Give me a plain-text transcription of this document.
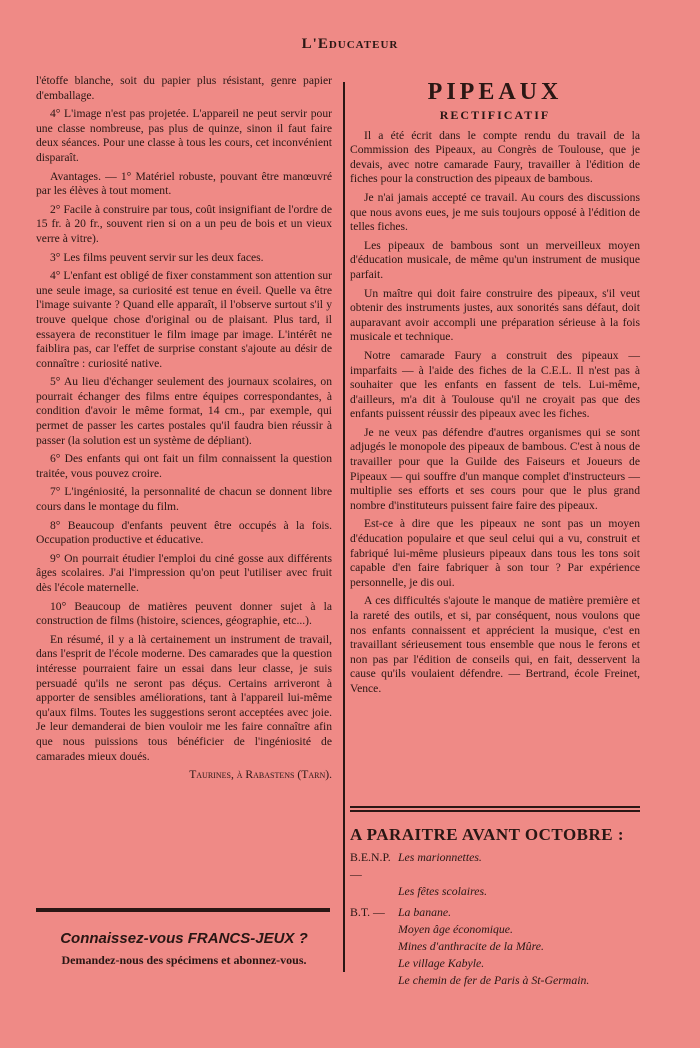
L'Educateur

l'étoffe blanche, soit du papier plus résistant, genre papier d'emballage.

4° L'image n'est pas projetée. L'appareil ne peut servir pour une classe nombreuse, pas plus de quinze, sinon il faut faire deux séances. Pour une classe à tous les cours, cet inconvénient disparaît.

Avantages. — 1° Matériel robuste, pouvant être manœuvré par les élèves à tout moment.

2° Facile à construire par tous, coût insignifiant de l'ordre de 15 fr. à 20 fr., souvent rien si on a un peu de bois et un vieux verre à vitre).

3° Les films peuvent servir sur les deux faces.

4° L'enfant est obligé de fixer constamment son attention sur une seule image, sa curiosité est tenue en éveil. Quelle va être l'image suivante ? Quand elle apparaît, il l'observe surtout s'il y trouve quelque chose d'original ou de plaisant. Plus tard, il essayera de reconstituer le film image par image. L'intérêt ne faiblira pas, car l'effet de surprise constant s'ajoute au désir de connaître : curiosité native.

5° Au lieu d'échanger seulement des journaux scolaires, on pourrait échanger des films entre équipes correspondantes, à condition d'avoir le même format, 14 cm., par exemple, qui permet de passer les cartes postales qu'il faudra bien réussir à passer (la solution est un système de dépliant).

6° Des enfants qui ont fait un film connaissent la question traitée, vous pouvez croire.

7° L'ingéniosité, la personnalité de chacun se donnent libre cours dans le montage du film.

8° Beaucoup d'enfants peuvent être occupés à la fois. Occupation productive et éducative.

9° On pourrait étudier l'emploi du ciné gosse aux différents âges scolaires. J'ai l'impression qu'on peut l'utiliser avec fruit dès l'école maternelle.

10° Beaucoup de matières peuvent donner sujet à la construction de films (histoire, sciences, géographie, etc...).

En résumé, il y a là certainement un instrument de travail, dans l'esprit de l'école moderne. Des camarades que la question intéresse pourraient faire un essai dans leur classe, je suis persuadé qu'ils ne seront pas déçus. Certains arriveront à apporter de sensibles améliorations, tant à l'appareil lui-même qu'aux films. Toutes les suggestions seront acceptées avec joie. Je leur demanderai de bien vouloir me les faire connaître afin que nous puissions tous bénéficier de l'ingéniosité de camarades mieux doués.

Taurines, à Rabastens (Tarn).
Connaissez-vous FRANCS-JEUX ?
Demandez-nous des spécimens et abonnez-vous.
PIPEAUX
RECTIFICATIF

Il a été écrit dans le compte rendu du travail de la Commission des Pipeaux, au Congrès de Toulouse, que je devais, avec notre camarade Faury, travailler à l'édition de fiches pour la construction des pipeaux de bambous.

Je n'ai jamais accepté ce travail. Au cours des discussions que nous avons eues, je me suis toujours opposé à l'édition de telles fiches.

Les pipeaux de bambous sont un merveilleux moyen d'éducation musicale, de même qu'un instrument de musique parfait.

Un maître qui doit faire construire des pipeaux, s'il veut obtenir des instruments justes, aux sonorités sans défaut, doit auparavant avoir accompli une préparation sérieuse à la fois musicale et technique.

Notre camarade Faury a construit des pipeaux — imparfaits — à l'aide des fiches de la C.E.L. Il n'est pas à souhaiter que les enfants en fassent de tels. Lui-même, d'ailleurs, m'a dit à Toulouse qu'il ne croyait pas que des enfants puissent réussir des pipeaux avec les fiches.

Je ne veux pas défendre d'autres organismes qui se sont adjugés le monopole des pipeaux de bambous. C'est à nous de travailler pour que la Guilde des Faiseurs et Joueurs de Pipeaux — qui souffre d'un manque complet d'instructeurs — multiplie ses efforts et ses cours pour que le plus grand nombre d'instituteurs puissent faire faire des pipeaux.

Est-ce à dire que les pipeaux ne sont pas un moyen d'éducation populaire et que seul celui qui a vu, construit et fabriqué lui-même plusieurs pipeaux dans tous les tons soit capable d'en faire fabriquer à son tour ? Par expérience personnelle, je dis oui.

A ces difficultés s'ajoute le manque de matière première et la rareté des outils, et si, par conséquent, nous voulons que nos enfants connaissent et apprécient la musique, c'est en travaillant sérieusement tous ensemble que nous le ferons et non pas par l'édition de conseils qui, en fait, desservent la cause qu'ils voulaient défendre. — Bertrand, école Freinet, Vence.

A PARAITRE AVANT OCTOBRE :
B.E.N.P. —
Les marionnettes.
Les fêtes scolaires.
B.T. —	La banane.
Moyen âge économique.
Mines d'anthracite de la Mûre.
Le village Kabyle.
Le chemin de fer de Paris à St-Germain.
